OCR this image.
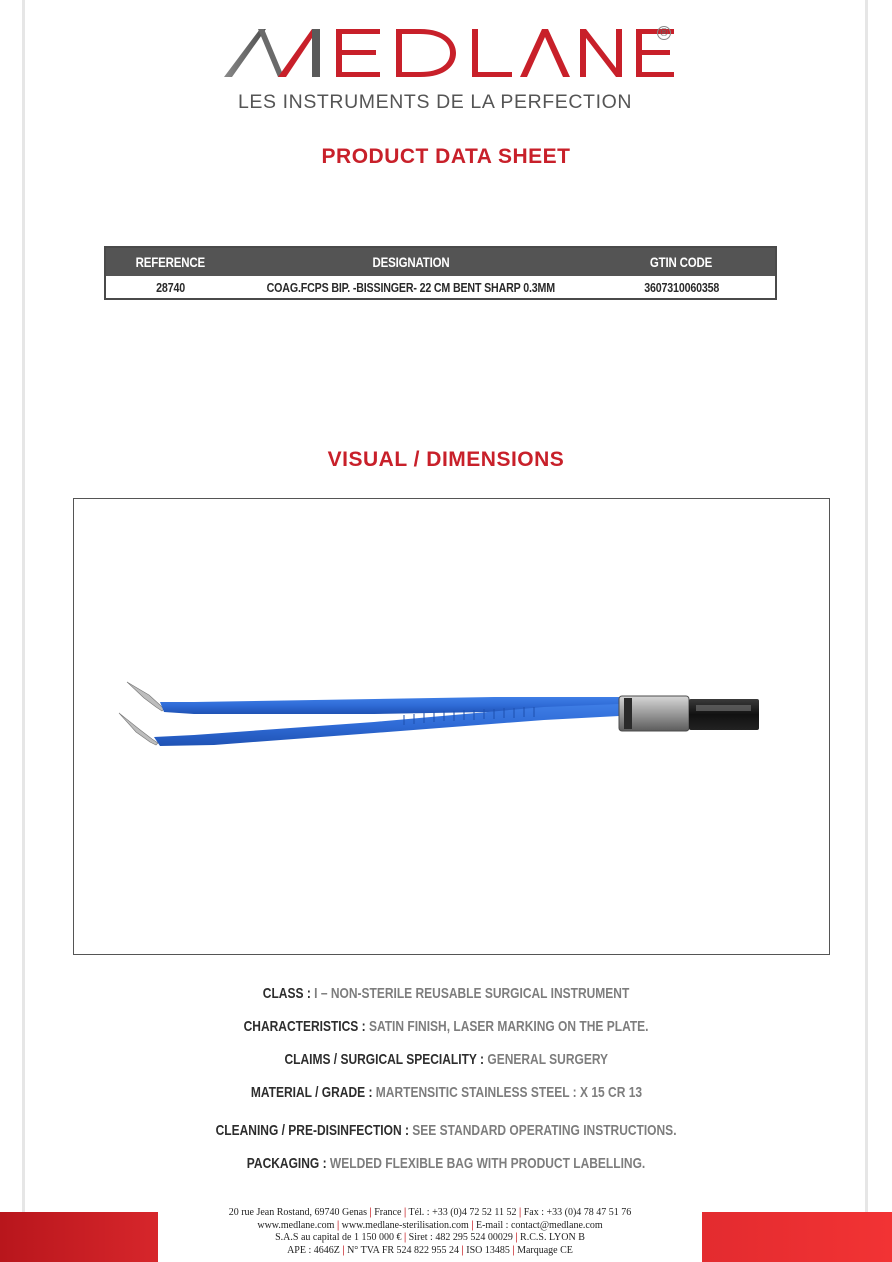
®
LES INSTRUMENTS DE LA PERFECTION
PRODUCT DATA SHEET
REFERENCE	DESIGNATION	GTIN CODE
28740	COAG.FCPS BIP. -BISSINGER- 22 CM BENT SHARP 0.3MM	3607310060358
VISUAL / DIMENSIONS
CLASS : I – NON-STERILE REUSABLE SURGICAL INSTRUMENT
CHARACTERISTICS : SATIN FINISH, LASER MARKING ON THE PLATE.
CLAIMS / SURGICAL SPECIALITY : GENERAL SURGERY
MATERIAL / GRADE : MARTENSITIC STAINLESS STEEL : X 15 CR 13
CLEANING / PRE-DISINFECTION : SEE STANDARD OPERATING INSTRUCTIONS.
PACKAGING : WELDED FLEXIBLE BAG WITH PRODUCT LABELLING.
20 rue Jean Rostand, 69740 Genas | France | Tél. : +33 (0)4 72 52 11 52 | Fax : +33 (0)4 78 47 51 76
www.medlane.com | www.medlane-sterilisation.com | E-mail : contact@medlane.com
S.A.S au capital de 1 150 000 € | Siret : 482 295 524 00029 | R.C.S. LYON B
APE : 4646Z | N° TVA FR 524 822 955 24 | ISO 13485 | Marquage CE
